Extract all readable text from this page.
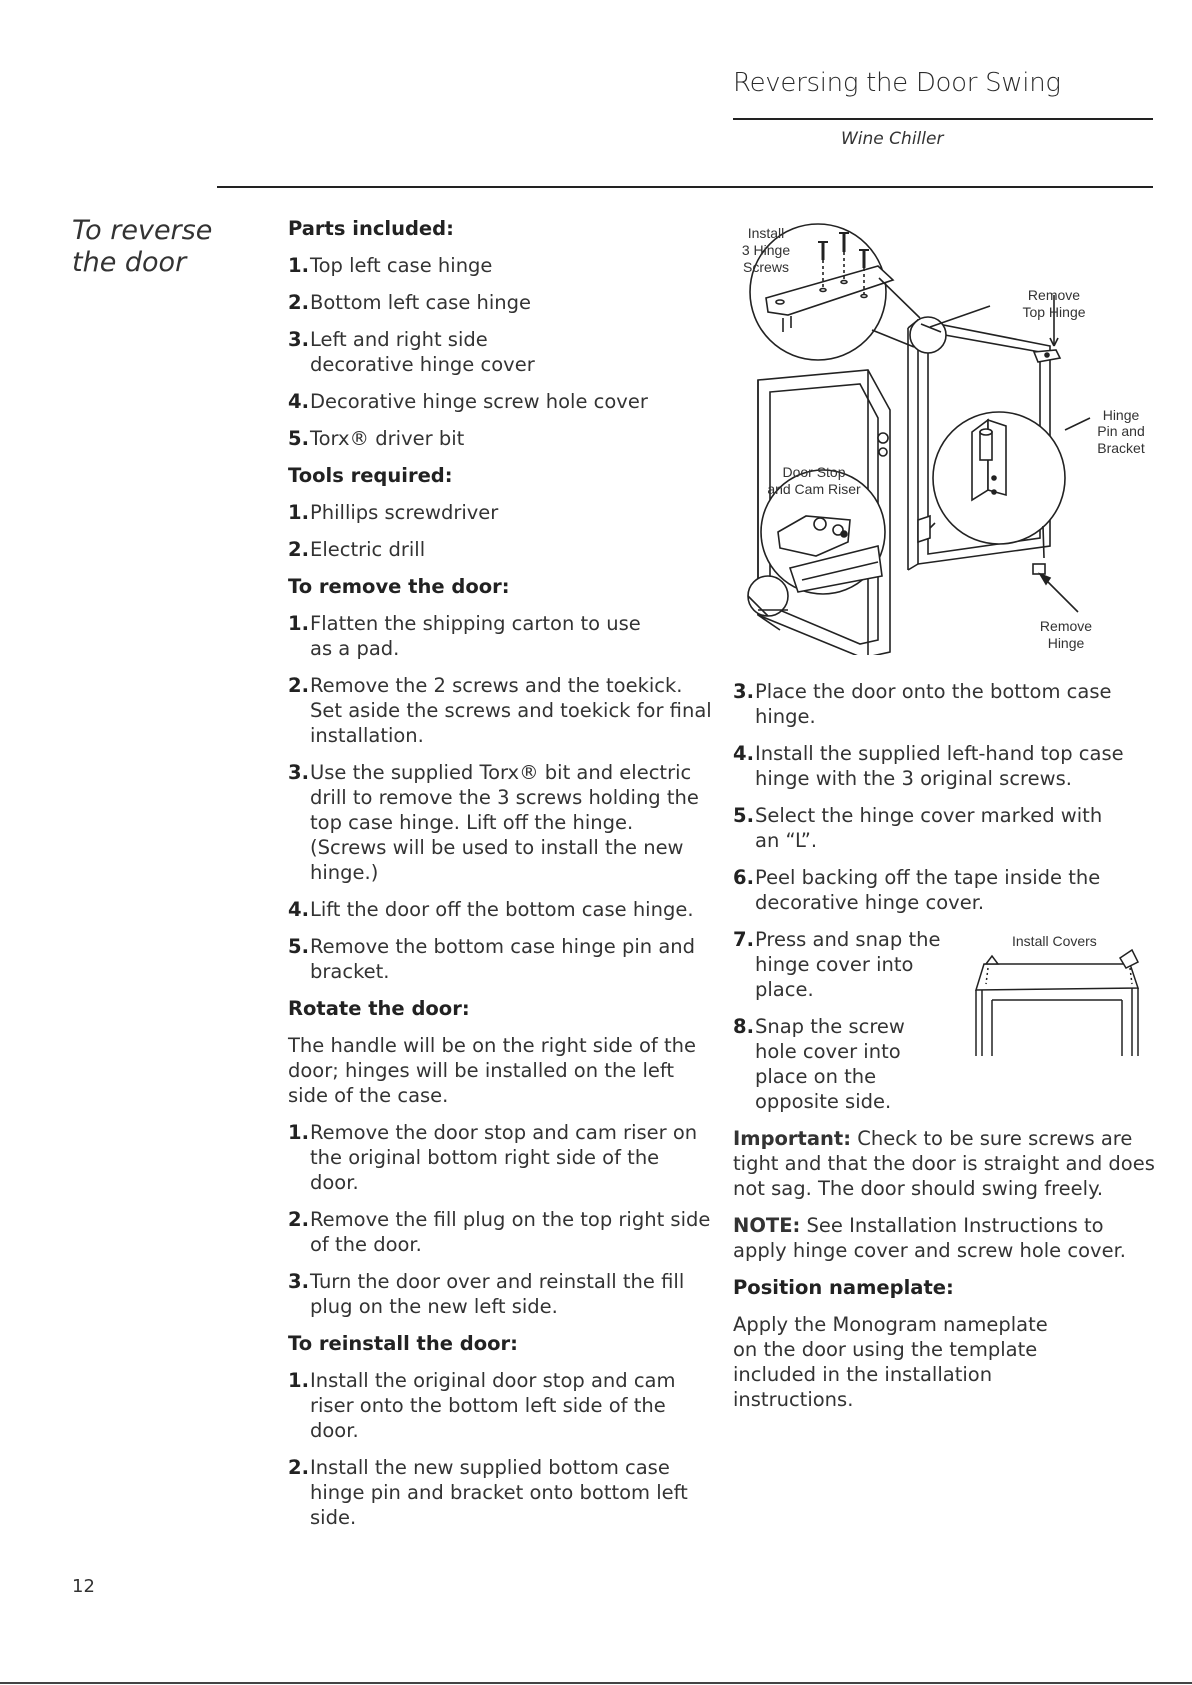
Reversing the Door Swing
Wine Chiller
To reverse the door
Parts included:
1. Top left case hinge
2. Bottom left case hinge
3. Left and right side decorative hinge cover
4. Decorative hinge screw hole cover
5. Torx® driver bit
Tools required:
1. Phillips screwdriver
2. Electric drill
To remove the door:
1. Flatten the shipping carton to use as a pad.
2. Remove the 2 screws and the toekick. Set aside the screws and toekick for final installation.
3. Use the supplied Torx® bit and electric drill to remove the 3 screws holding the top case hinge. Lift off the hinge. (Screws will be used to install the new hinge.)
4. Lift the door off the bottom case hinge.
5. Remove the bottom case hinge pin and bracket.
Rotate the door:
The handle will be on the right side of the door; hinges will be installed on the left side of the case.
1. Remove the door stop and cam riser on the original bottom right side of the door.
2. Remove the fill plug on the top right side of the door.
3. Turn the door over and reinstall the fill plug on the new left side.
To reinstall the door:
1. Install the original door stop and cam riser onto the bottom left side of the door.
2. Install the new supplied bottom case hinge pin and bracket onto bottom left side.
Install
3 Hinge
Screws
Remove
Top Hinge
Hinge
Pin and
Bracket
Door Stop
and Cam Riser
Remove
Hinge
3. Place the door onto the bottom case hinge.
4. Install the supplied left-hand top case hinge with the 3 original screws.
5. Select the hinge cover marked with an “L”.
6. Peel backing off the tape inside the decorative hinge cover.
7. Press and snap the hinge cover into place.
8. Snap the screw hole cover into place on the opposite side.
Important: Check to be sure screws are tight and that the door is straight and does not sag. The door should swing freely.
NOTE: See Installation Instructions to apply hinge cover and screw hole cover.
Position nameplate:
Apply the Monogram nameplate on the door using the template included in the installation instructions.
Install Covers
12
